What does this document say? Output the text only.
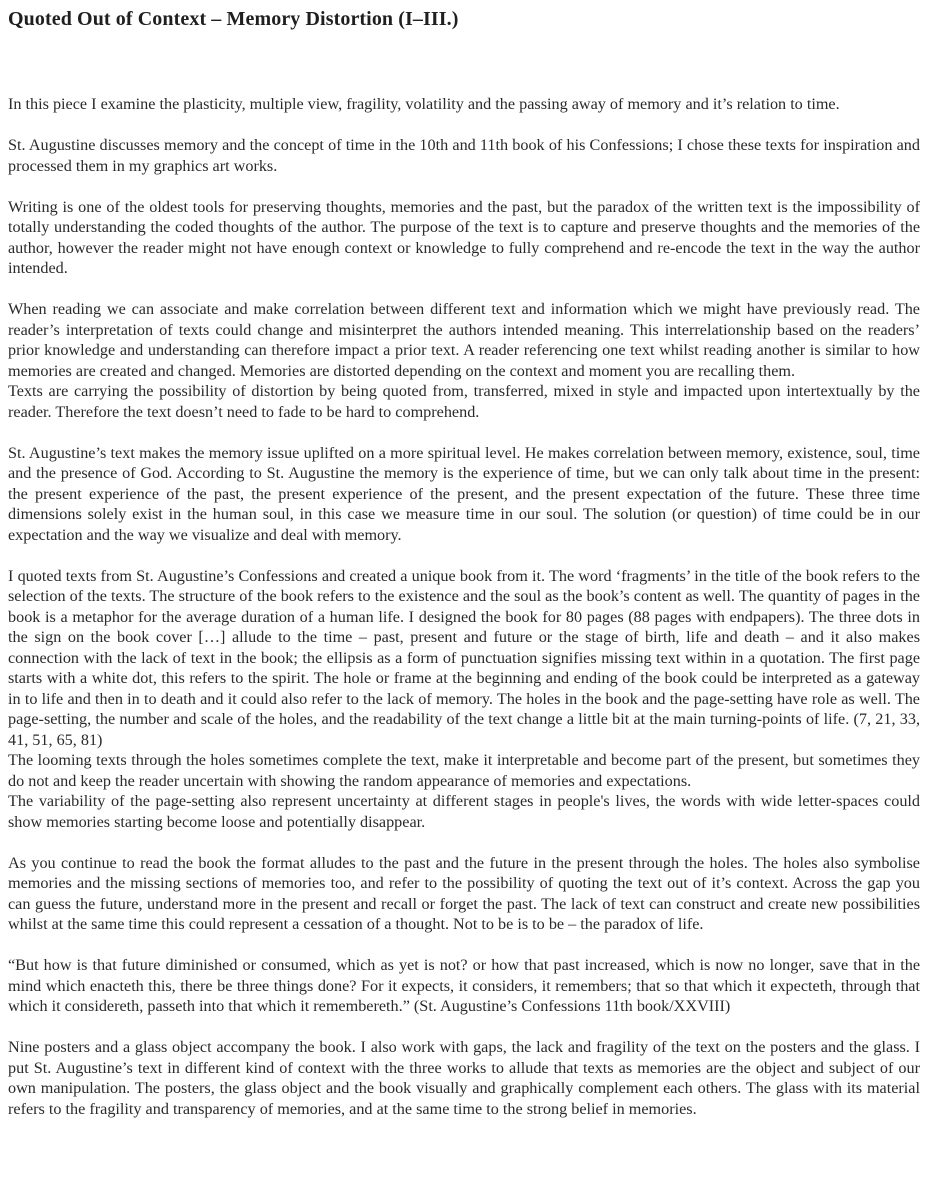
Quoted Out of Context – Memory Distortion (I–III.)

In this piece I examine the plasticity, multiple view, fragility, volatility and the passing away of memory and it’s relation to time.

St. Augustine discusses memory and the concept of time in the 10th and 11th book of his Confessions; I chose these texts for inspiration and processed them in my graphics art works.

Writing is one of the oldest tools for preserving thoughts, memories and the past, but the paradox of the written text is the impossibility of totally understanding the coded thoughts of the author. The purpose of the text is to capture and preserve thoughts and the memories of the author, however the reader might not have enough context or knowledge to fully comprehend and re-encode the text in the way the author intended.

When reading we can associate and make correlation between different text and information which we might have previously read. The reader’s interpretation of texts could change and misinterpret the authors intended meaning. This interrelationship based on the readers’ prior knowledge and understanding can therefore impact a prior text. A reader referencing one text whilst reading another is similar to how memories are created and changed. Memories are distorted depending on the context and moment you are recalling them.
Texts are carrying the possibility of distortion by being quoted from, transferred, mixed in style and impacted upon intertextually by the reader. Therefore the text doesn’t need to fade to be hard to comprehend.

St. Augustine’s text makes the memory issue uplifted on a more spiritual level. He makes correlation between memory, existence, soul, time and the presence of God. According to St. Augustine the memory is the experience of time, but we can only talk about time in the present: the present experience of the past, the present experience of the present, and the present expectation of the future. These three time dimensions solely exist in the human soul, in this case we measure time in our soul. The solution (or question) of time could be in our expectation and the way we visualize and deal with memory.

I quoted texts from St. Augustine’s Confessions and created a unique book from it. The word ‘fragments’ in the title of the book refers to the selection of the texts. The structure of the book refers to the existence and the soul as the book’s content as well. The quantity of pages in the book is a metaphor for the average duration of a human life. I designed the book for 80 pages (88 pages with endpapers). The three dots in the sign on the book cover […] allude to the time – past, present and future or the stage of birth, life and death – and it also makes connection with the lack of text in the book; the ellipsis as a form of punctuation signifies missing text within in a quotation. The first page starts with a white dot, this refers to the spirit. The hole or frame at the beginning and ending of the book could be interpreted as a gateway in to life and then in to death and it could also refer to the lack of memory. The holes in the book and the page-setting have role as well. The page-setting, the number and scale of the holes, and the readability of the text change a little bit at the main turning-points of life. (7, 21, 33, 41, 51, 65, 81)
The looming texts through the holes sometimes complete the text, make it interpretable and become part of the present, but sometimes they do not and keep the reader uncertain with showing the random appearance of memories and expectations.
The variability of the page-setting also represent uncertainty at different stages in people's lives, the words with wide letter-spaces could show memories starting become loose and potentially disappear.

As you continue to read the book the format alludes to the past and the future in the present through the holes. The holes also symbolise memories and the missing sections of memories too, and refer to the possibility of quoting the text out of it’s context. Across the gap you can guess the future, understand more in the present and recall or forget the past. The lack of text can construct and create new possibilities whilst at the same time this could represent a cessation of a thought. Not to be is to be – the paradox of life.

“But how is that future diminished or consumed, which as yet is not? or how that past increased, which is now no longer, save that in the mind which enacteth this, there be three things done? For it expects, it considers, it remembers; that so that which it expecteth, through that which it considereth, passeth into that which it remembereth.” (St. Augustine’s Confessions 11th book/XXVIII)

Nine posters and a glass object accompany the book. I also work with gaps, the lack and fragility of the text on the posters and the glass. I put St. Augustine’s text in different kind of context with the three works to allude that texts as memories are the object and subject of our own manipulation. The posters, the glass object and the book visually and graphically complement each others. The glass with its material refers to the fragility and transparency of memories, and at the same time to the strong belief in memories.
